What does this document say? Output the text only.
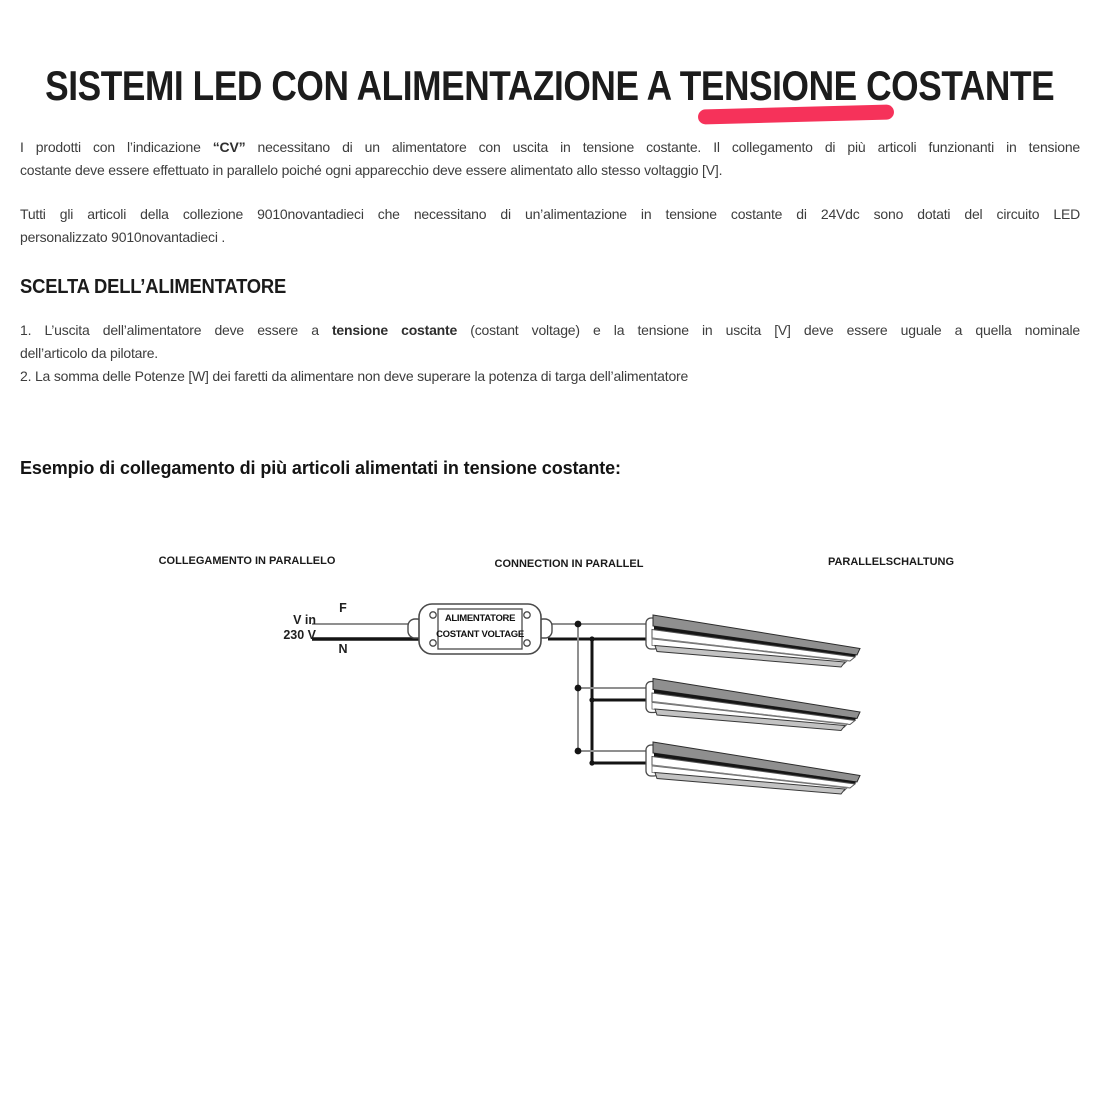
SISTEMI LED CON ALIMENTAZIONE A TENSIONE COSTANTE
I prodotti con l’indicazione “CV” necessitano di un alimentatore con uscita in tensione costante. Il collegamento di più articoli funzionanti in tensione
costante deve essere effettuato in parallelo poiché ogni apparecchio deve essere alimentato allo stesso voltaggio [V].
Tutti gli articoli della collezione 9010novantadieci che necessitano di un’alimentazione in tensione costante di 24Vdc sono dotati del circuito LED
personalizzato 9010novantadieci .
SCELTA DELL’ALIMENTATORE
1. L’uscita dell’alimentatore deve essere a tensione costante (costant voltage) e la tensione in uscita [V] deve essere uguale a quella nominale
dell’articolo da pilotare.
2. La somma delle Potenze [W] dei faretti da alimentare non deve superare la potenza di targa dell’alimentatore
Esempio di collegamento di più articoli alimentati in tensione costante:
COLLEGAMENTO IN PARALLELO	CONNECTION IN PARALLEL	PARALLELSCHALTUNG
V in
230 V
F
N
ALIMENTATORE
COSTANT VOLTAGE
